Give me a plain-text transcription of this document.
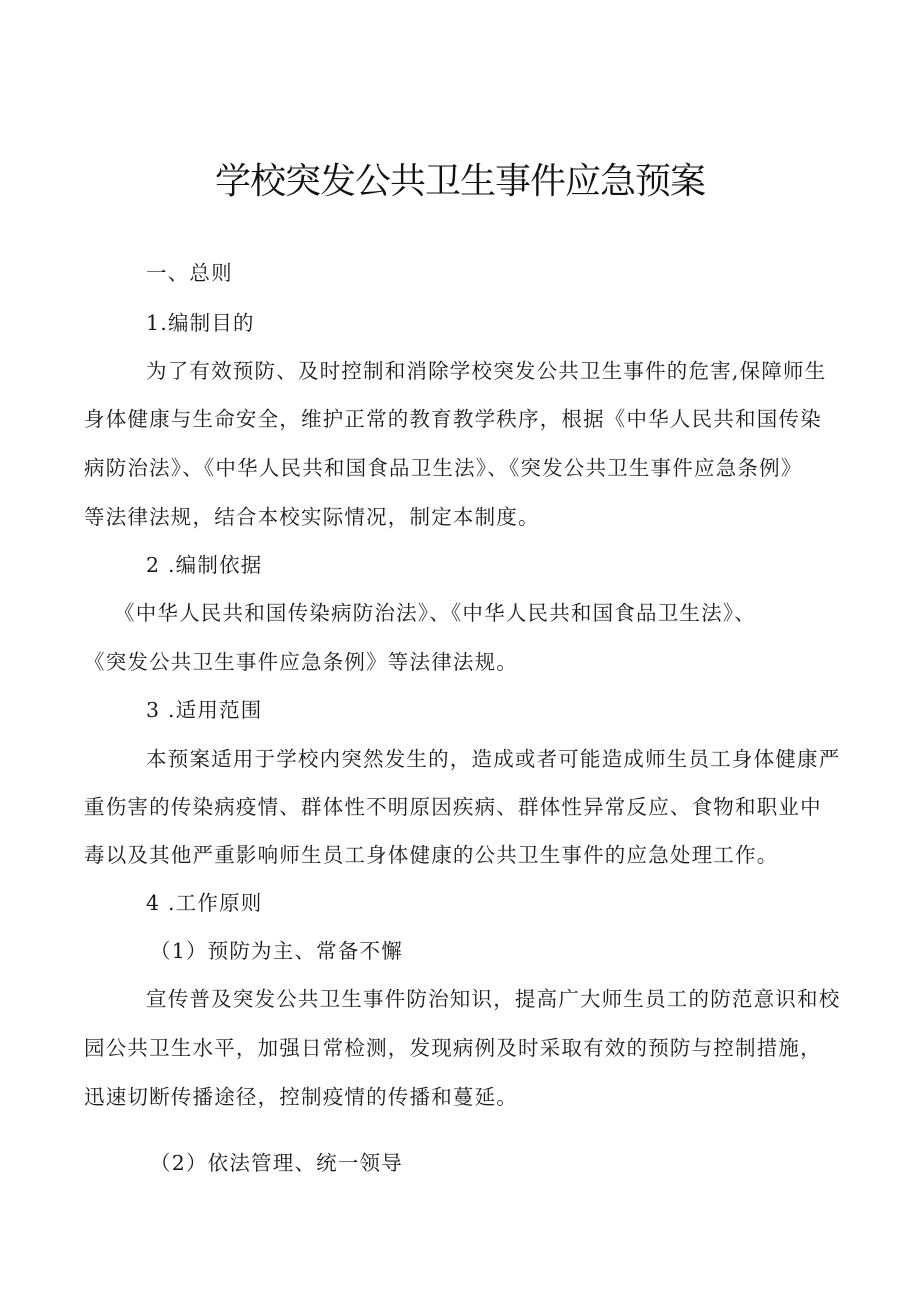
学校突发公共卫生事件应急预案
一、总则
1.编制目的
为了有效预防、及时控制和消除学校突发公共卫生事件的危害,保障师生
身体健康与生命安全，维护正常的教育教学秩序，根据《中华人民共和国传染
病防治法》、《中华人民共和国食品卫生法》、《突发公共卫生事件应急条例》
等法律法规，结合本校实际情况，制定本制度。
2 .编制依据
《中华人民共和国传染病防治法》、《中华人民共和国食品卫生法》、
《突发公共卫生事件应急条例》等法律法规。
3 .适用范围
本预案适用于学校内突然发生的，造成或者可能造成师生员工身体健康严
重伤害的传染病疫情、群体性不明原因疾病、群体性异常反应、食物和职业中
毒以及其他严重影响师生员工身体健康的公共卫生事件的应急处理工作。
4 .工作原则
（1）预防为主、常备不懈
宣传普及突发公共卫生事件防治知识，提高广大师生员工的防范意识和校
园公共卫生水平，加强日常检测，发现病例及时采取有效的预防与控制措施，
迅速切断传播途径，控制疫情的传播和蔓延。
（2）依法管理、统一领导
